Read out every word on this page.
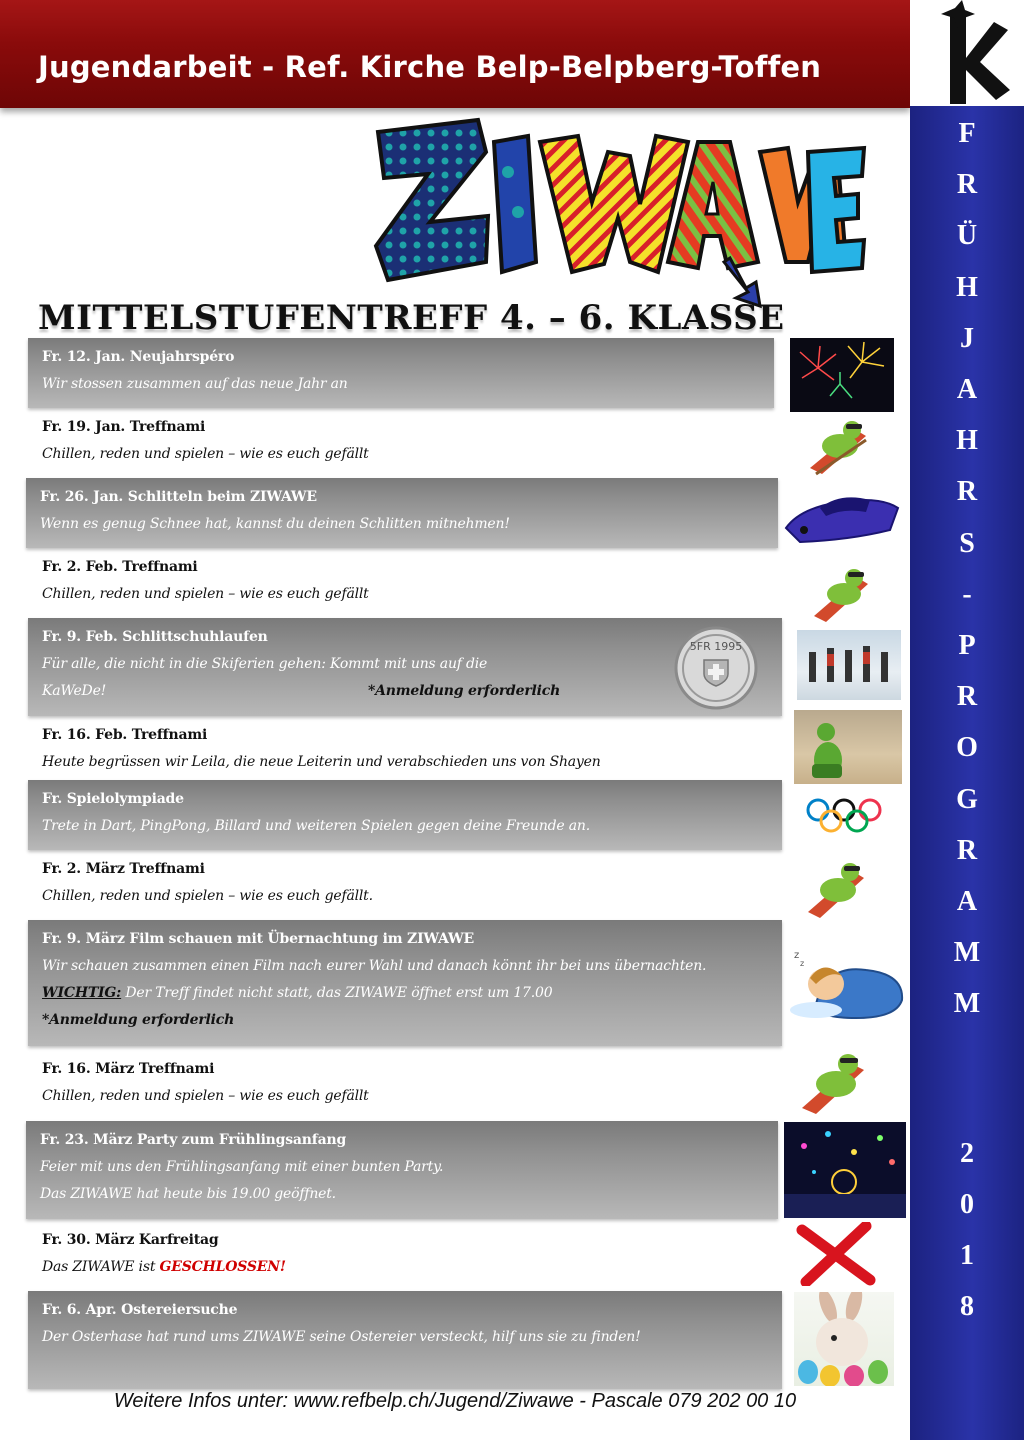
Jugendarbeit - Ref. Kirche Belp-Belpberg-Toffen
F
R
Ü
H
J
A
H
R
S
-
P
R
O
G
R
A
M
M
2
0
1
8
MITTELSTUFENTREFF 4. – 6. KLASSE
Fr. 12. Jan. Neujahrspéro
Wir stossen zusammen auf das neue Jahr an
Fr. 19. Jan. Treffnami
Chillen, reden und spielen – wie es euch gefällt
Fr. 26. Jan. Schlitteln beim ZIWAWE
Wenn es genug Schnee hat, kannst du deinen Schlitten mitnehmen!
Fr. 2. Feb. Treffnami
Chillen, reden und spielen – wie es euch gefällt
Fr. 9. Feb. Schlittschuhlaufen
Für alle, die nicht in die Skiferien gehen: Kommt mit uns auf die
KaWeDe!	*Anmeldung erforderlich
5FR 1995
Fr. 16. Feb. Treffnami
Heute begrüssen wir Leila, die neue Leiterin und verabschieden uns von Shayen
Fr. Spielolympiade
Trete in Dart, PingPong, Billard und weiteren Spielen gegen deine Freunde an.
Fr. 2. März Treffnami
Chillen, reden und spielen – wie es euch gefällt.
Fr. 9. März Film schauen mit Übernachtung im ZIWAWE
Wir schauen zusammen einen Film nach eurer Wahl und danach könnt ihr bei uns übernachten.
WICHTIG: Der Treff findet nicht statt, das ZIWAWE öffnet erst um 17.00
*Anmeldung erforderlich
Fr. 16. März Treffnami
Chillen, reden und spielen – wie es euch gefällt
Fr. 23. März Party zum Frühlingsanfang
Feier mit uns den Frühlingsanfang mit einer bunten Party.
Das ZIWAWE hat heute bis 19.00 geöffnet.
Fr. 30. März Karfreitag
Das ZIWAWE ist GESCHLOSSEN!
Fr. 6. Apr. Ostereiersuche
Der Osterhase hat rund ums ZIWAWE seine Ostereier versteckt, hilf uns sie zu finden!
z
z
Weitere Infos unter: www.refbelp.ch/Jugend/Ziwawe - Pascale 079 202 00 10
